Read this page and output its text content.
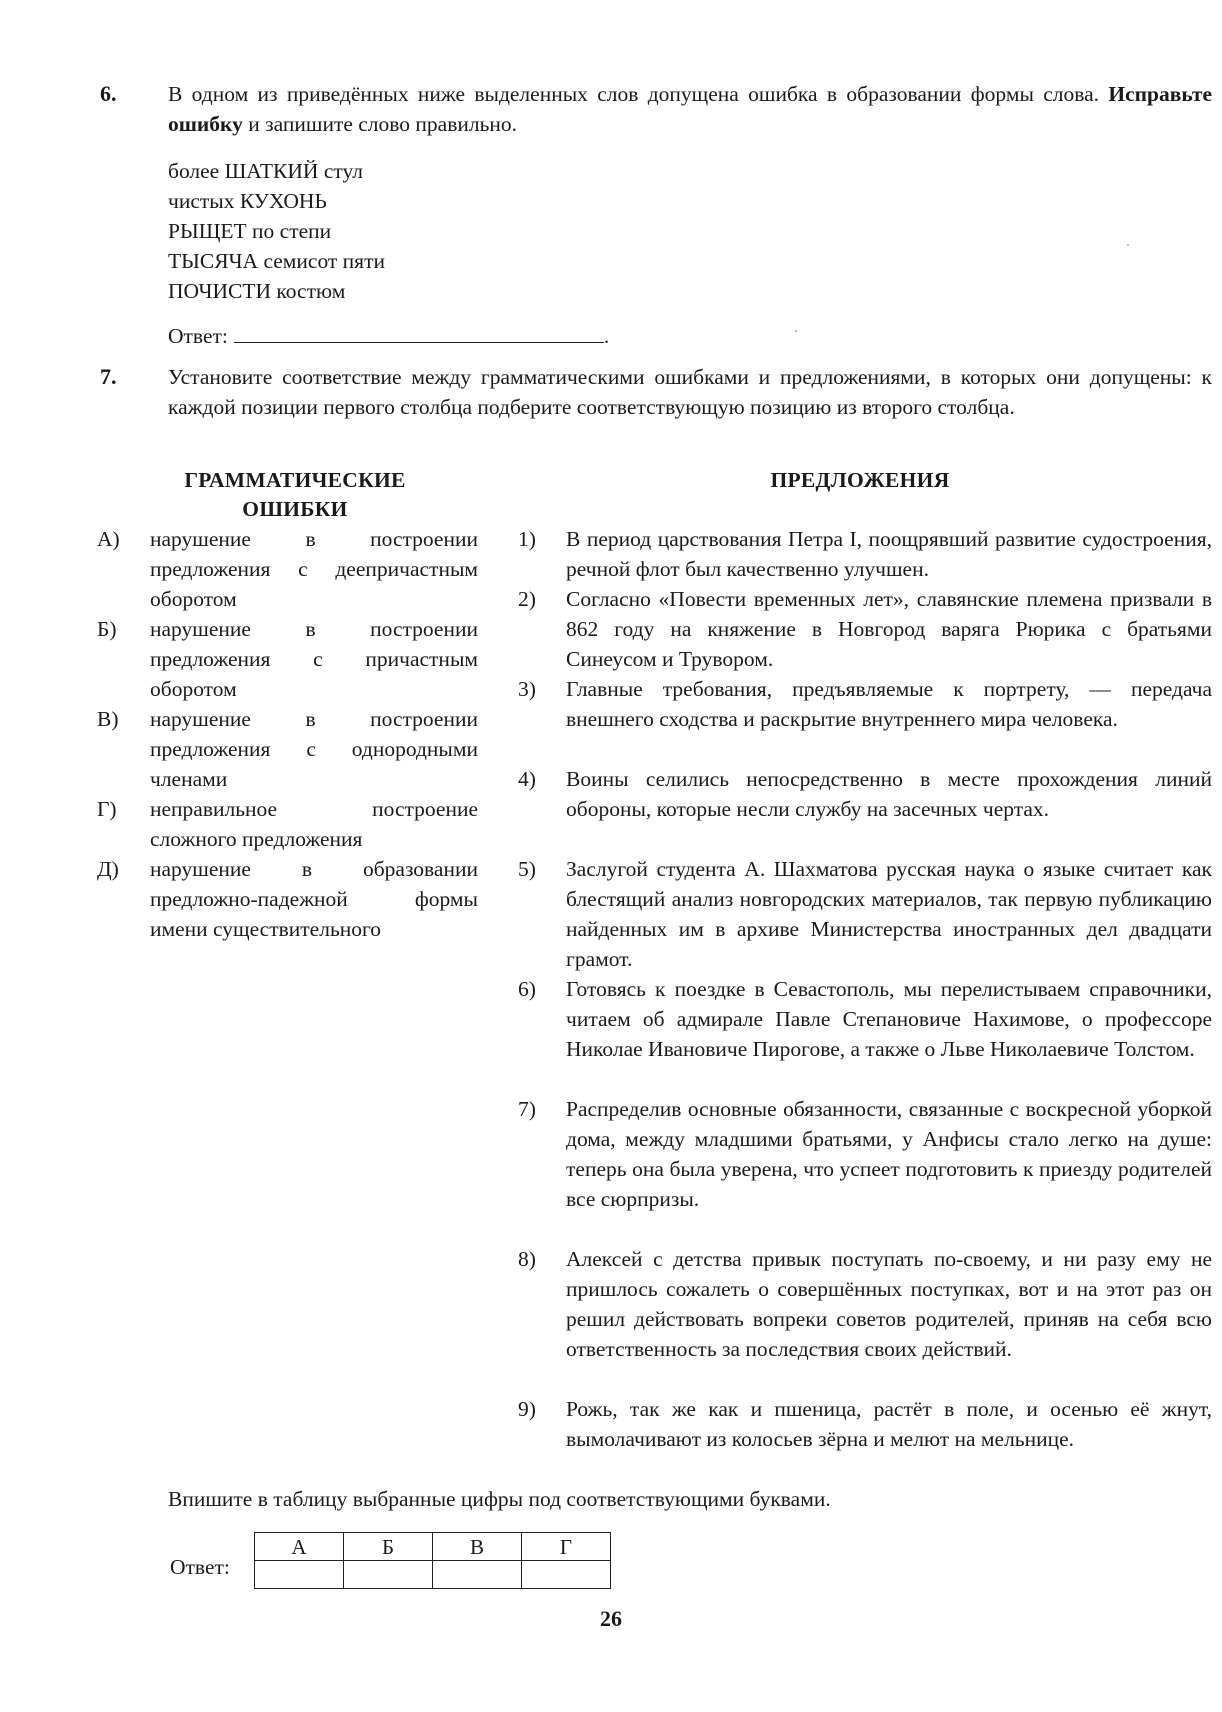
6. В одном из приведённых ниже выделенных слов допущена ошибка в образовании формы слова. Исправьте ошибку и запишите слово правильно.
более ШАТКИЙ стул
чистых КУХОНЬ
РЫЩЕТ по степи
ТЫСЯЧА семисот пяти
ПОЧИСТИ костюм
Ответ:	.
7. Установите соответствие между грамматическими ошибками и предложениями, в которых они допущены: к каждой позиции первого столбца подберите соответствующую позицию из второго столбца.
ГРАММАТИЧЕСКИЕ
ОШИБКИ
ПРЕДЛОЖЕНИЯ
А) нарушение в построении предложения с деепричастным оборотом
Б) нарушение в построении предложения с причастным оборотом
В) нарушение в построении предложения с однородными членами
Г) неправильное построение сложного предложения
Д) нарушение в образовании предложно-падежной формы имени существительного
1) В период царствования Петра I, поощрявший развитие судостроения, речной флот был качественно улучшен.
2) Согласно «Повести временных лет», славянские племена призвали в 862 году на княжение в Новгород варяга Рюрика с братьями Синеусом и Трувором.
3) Главные требования, предъявляемые к портрету, — передача внешнего сходства и раскрытие внутреннего мира человека.
4) Воины селились непосредственно в месте прохождения линий обороны, которые несли службу на засечных чертах.
5) Заслугой студента А. Шахматова русская наука о языке считает как блестящий анализ новгородских материалов, так первую публикацию найденных им в архиве Министерства иностранных дел двадцати грамот.
6) Готовясь к поездке в Севастополь, мы перелистываем справочники, читаем об адмирале Павле Степановиче Нахимове, о профессоре Николае Ивановиче Пирогове, а также о Льве Николаевиче Толстом.
7) Распределив основные обязанности, связанные с воскресной уборкой дома, между младшими братьями, у Анфисы стало легко на душе: теперь она была уверена, что успеет подготовить к приезду родителей все сюрпризы.
8) Алексей с детства привык поступать по-своему, и ни разу ему не пришлось сожалеть о совершённых поступках, вот и на этот раз он решил действовать вопреки советов родителей, приняв на себя всю ответственность за последствия своих действий.
9) Рожь, так же как и пшеница, растёт в поле, и осенью её жнут, вымолачивают из колосьев зёрна и мелют на мельнице.
Впишите в таблицу выбранные цифры под соответствующими буквами.
Ответ:
А	Б	В	Г

26
